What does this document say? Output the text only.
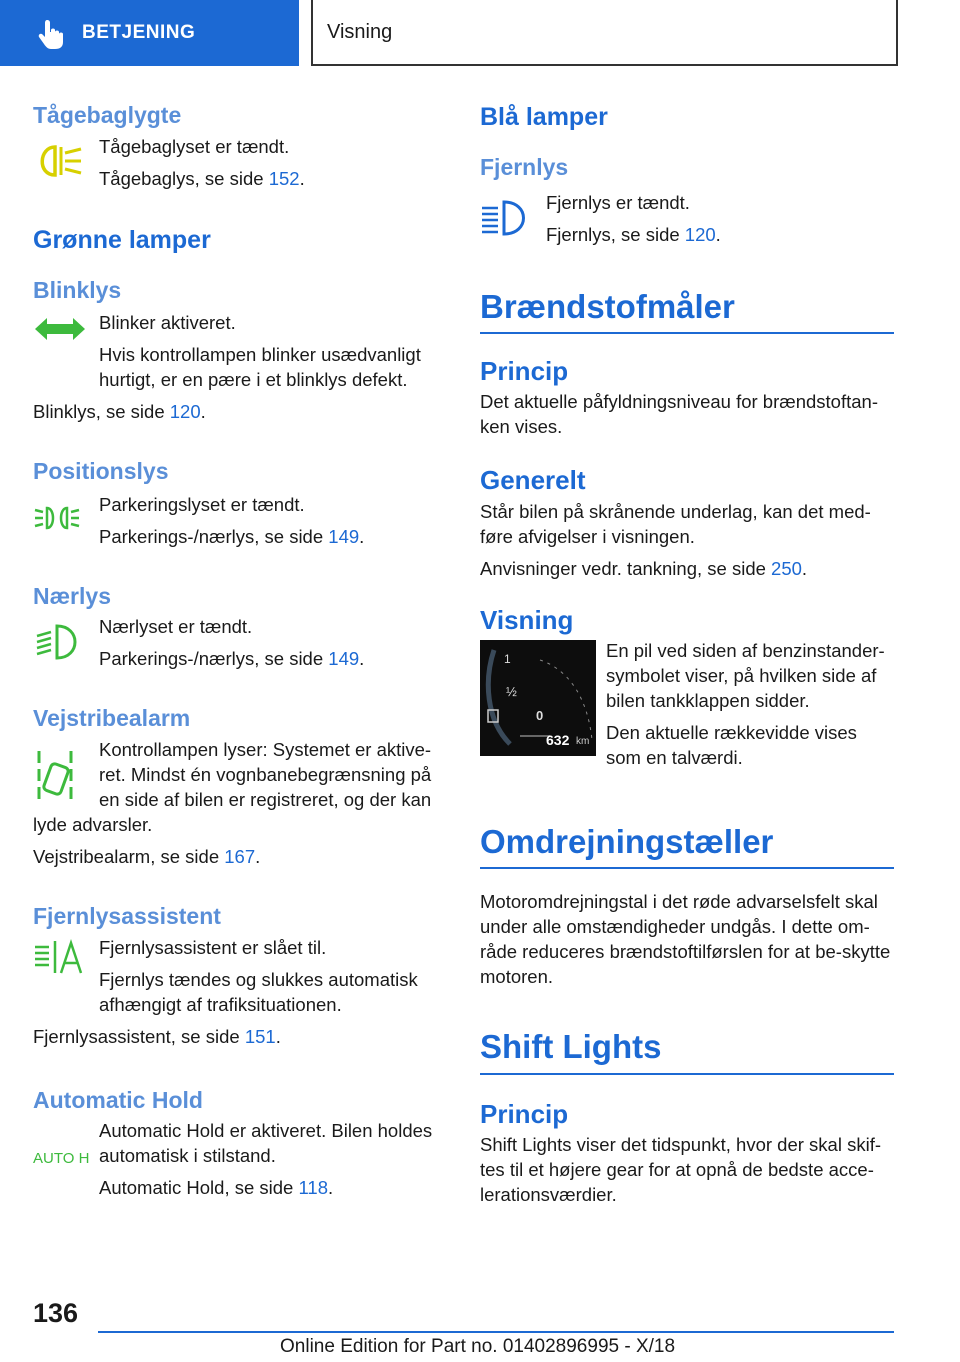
BETJENING	Visning
Tågebaglygte

Tågebaglyset er tændt.

Tågebaglys, se side 152.

Grønne lamper
Blinklys

Blinker aktiveret.

Hvis kontrollampen blinker usædvanligt hurtigt, er en pære i et blinklys defekt.

Blinklys, se side 120.

Positionslys

Parkeringslyset er tændt.

Parkerings-/nærlys, se side 149.

Nærlys

Nærlyset er tændt.

Parkerings-/nærlys, se side 149.

Vejstribealarm

Kontrollampen lyser: Systemet er aktive‐ret. Mindst én vognbanebegrænsning på en side af bilen er registreret, og der kan

lyde advarsler.

Vejstribealarm, se side 167.

Fjernlysassistent

Fjernlysassistent er slået til.

Fjernlys tændes og slukkes automatisk afhængigt af trafiksituationen.

Fjernlysassistent, se side 151.

Automatic Hold
AUTO H

Automatic Hold er aktiveret. Bilen holdes automatisk i stilstand.

Automatic Hold, se side 118.

Blå lamper
Fjernlys

Fjernlys er tændt.

Fjernlys, se side 120.

Brændstofmåler
Princip

Det aktuelle påfyldningsniveau for brændstoftan‐ken vises.

Generelt

Står bilen på skrånende underlag, kan det med‐føre afvigelser i visningen.

Anvisninger vedr. tankning, se side 250.

Visning
1
½
0
632 km

En pil ved siden af benzinstander‐symbolet viser, på hvilken side af bilen tankklappen sidder.

Den aktuelle rækkevidde vises som en talværdi.

Omdrejningstæller

Motoromdrejningstal i det røde advarselsfelt skal under alle omstændigheder undgås. I dette om‐råde reduceres brændstoftilførslen for at be‐skytte motoren.

Shift Lights
Princip

Shift Lights viser det tidspunkt, hvor der skal skif‐tes til et højere gear for at opnå de bedste acce‐lerationsværdier.

136
Online Edition for Part no. 01402896995 - X/18
